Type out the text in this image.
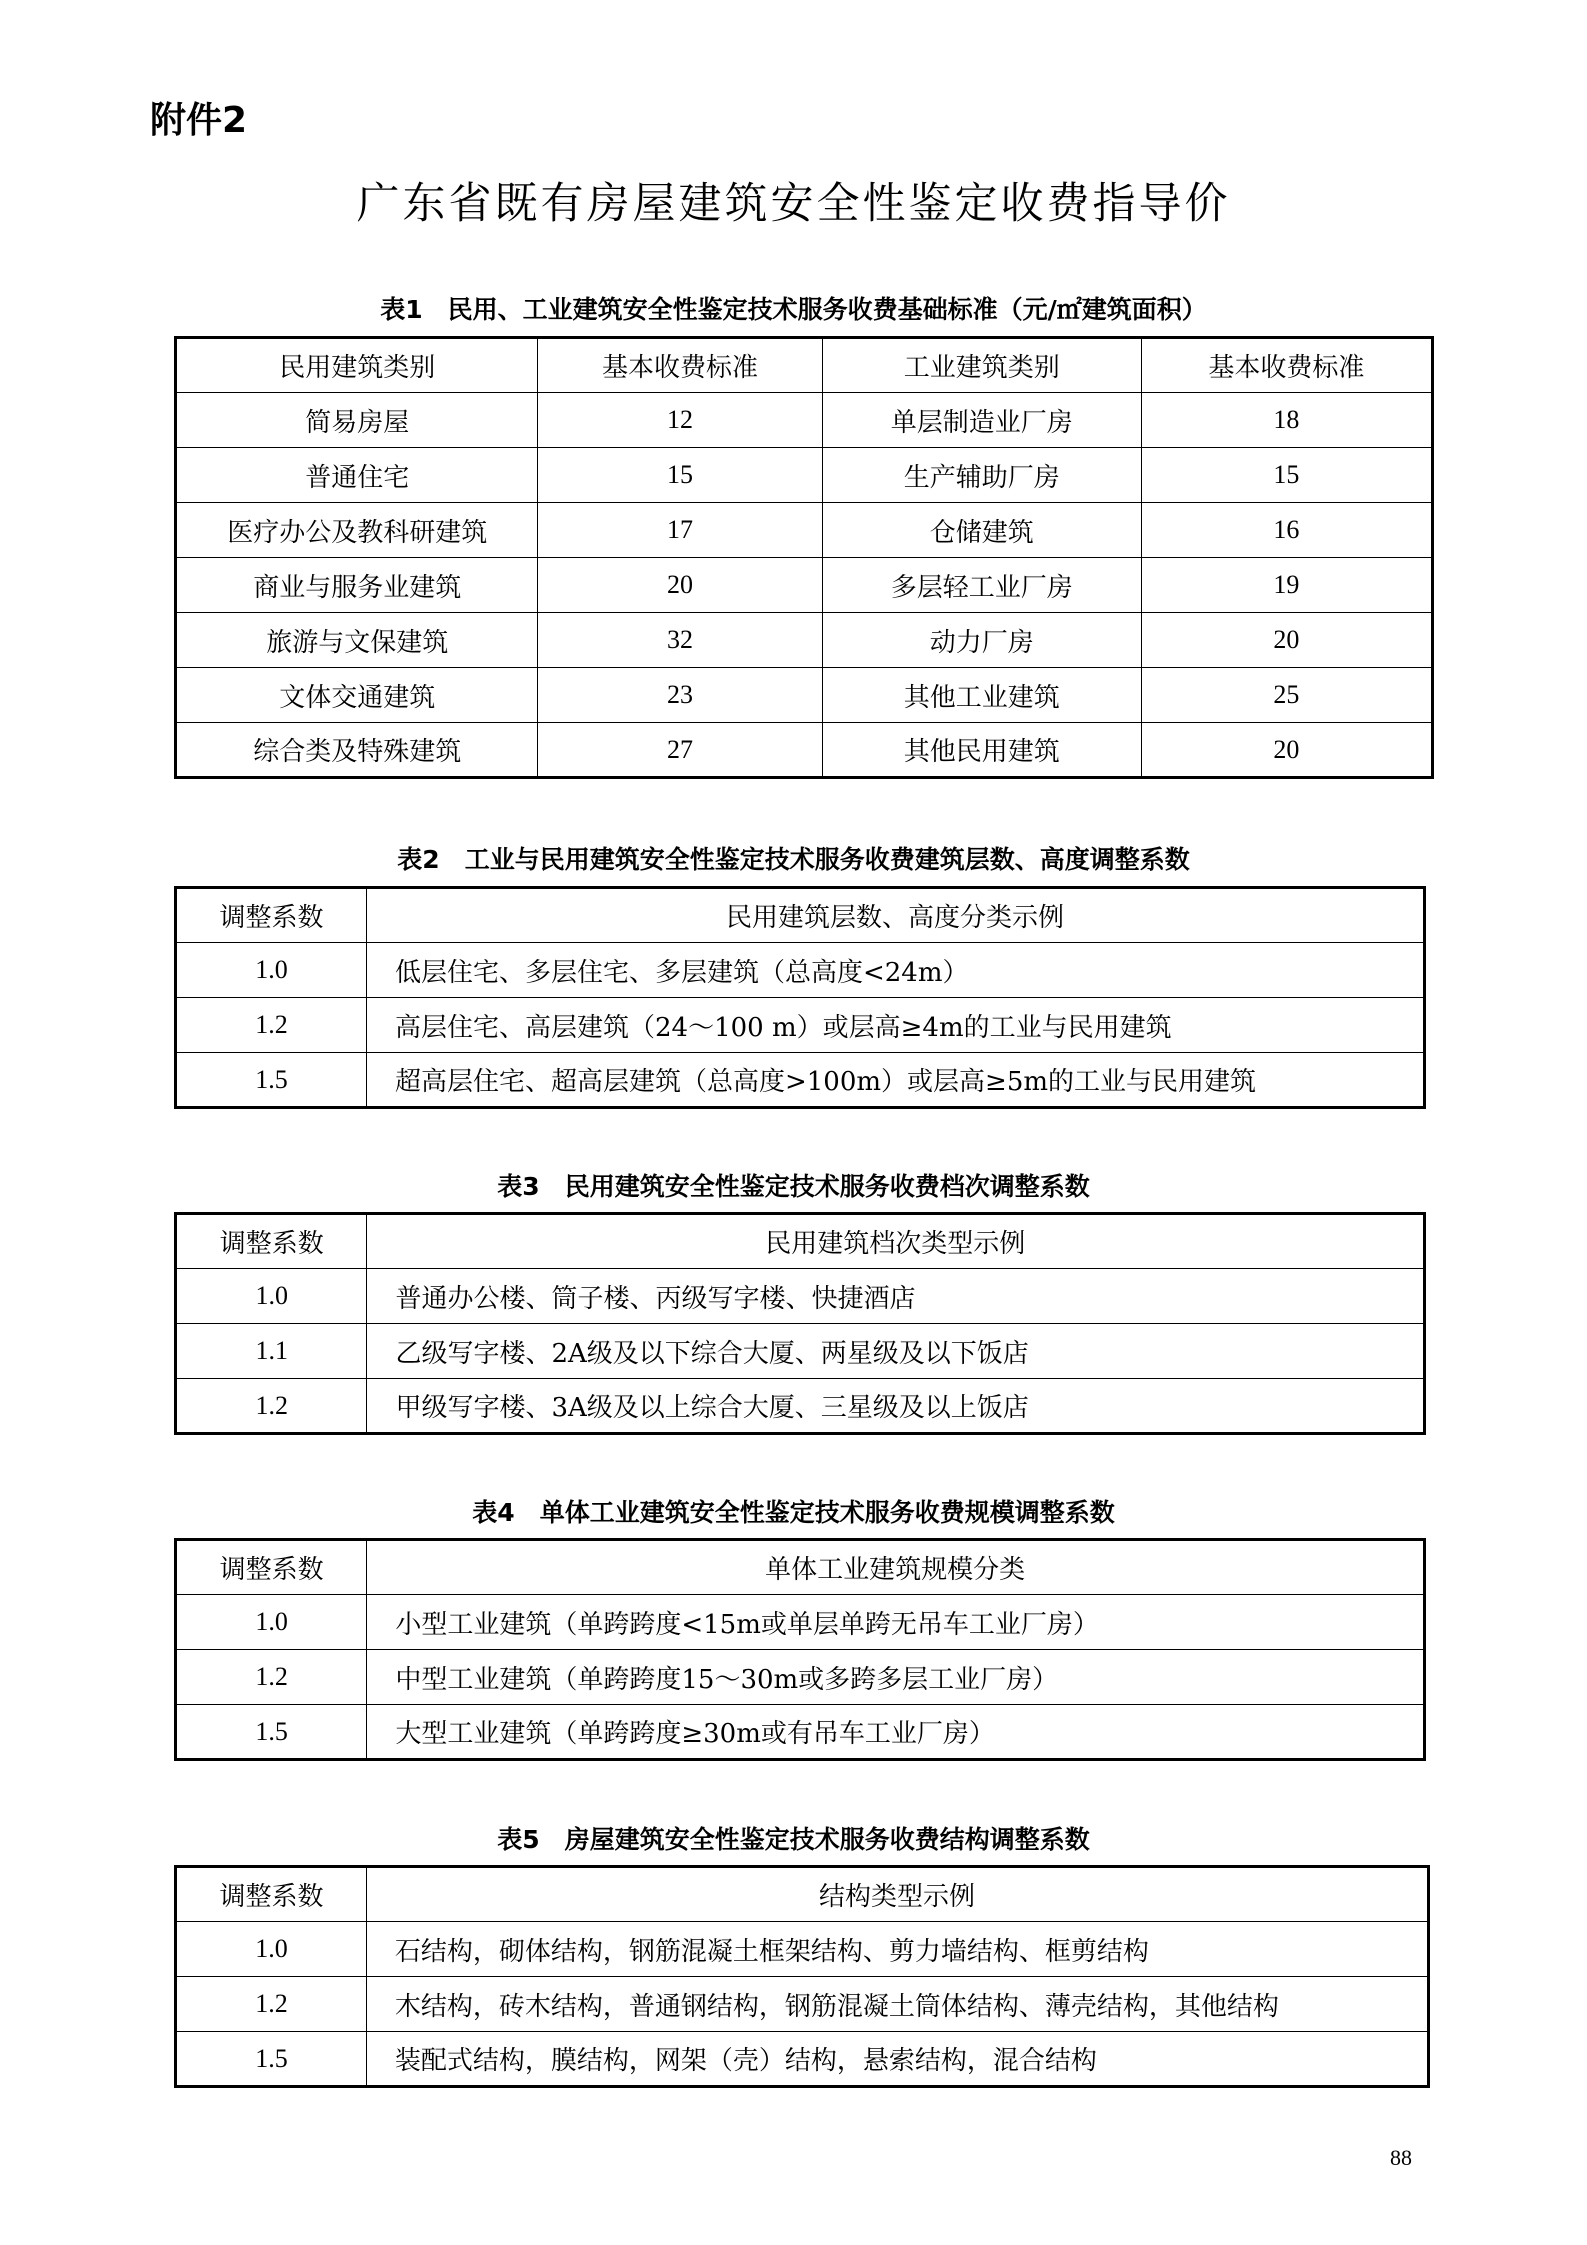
附件2
广东省既有房屋建筑安全性鉴定收费指导价
表1　民用、工业建筑安全性鉴定技术服务收费基础标准（元/㎡建筑面积）
民用建筑类别	基本收费标准	工业建筑类别	基本收费标准
简易房屋	12	单层制造业厂房	18
普通住宅	15	生产辅助厂房	15
医疗办公及教科研建筑	17	仓储建筑	16
商业与服务业建筑	20	多层轻工业厂房	19
旅游与文保建筑	32	动力厂房	20
文体交通建筑	23	其他工业建筑	25
综合类及特殊建筑	27	其他民用建筑	20
表2　工业与民用建筑安全性鉴定技术服务收费建筑层数、高度调整系数
调整系数	民用建筑层数、高度分类示例
1.0	低层住宅、多层住宅、多层建筑（总高度<24m）
1.2	高层住宅、高层建筑（24～100 m）或层高≥4m的工业与民用建筑
1.5	超高层住宅、超高层建筑（总高度>100m）或层高≥5m的工业与民用建筑
表3　民用建筑安全性鉴定技术服务收费档次调整系数
调整系数	民用建筑档次类型示例
1.0	普通办公楼、筒子楼、丙级写字楼、快捷酒店
1.1	乙级写字楼、2A级及以下综合大厦、两星级及以下饭店
1.2	甲级写字楼、3A级及以上综合大厦、三星级及以上饭店
表4　单体工业建筑安全性鉴定技术服务收费规模调整系数
调整系数	单体工业建筑规模分类
1.0	小型工业建筑（单跨跨度<15m或单层单跨无吊车工业厂房）
1.2	中型工业建筑（单跨跨度15～30m或多跨多层工业厂房）
1.5	大型工业建筑（单跨跨度≥30m或有吊车工业厂房）
表5　房屋建筑安全性鉴定技术服务收费结构调整系数
调整系数	结构类型示例
1.0	石结构，砌体结构，钢筋混凝土框架结构、剪力墙结构、框剪结构
1.2	木结构，砖木结构，普通钢结构，钢筋混凝土筒体结构、薄壳结构，其他结构
1.5	装配式结构，膜结构，网架（壳）结构，悬索结构，混合结构
88
